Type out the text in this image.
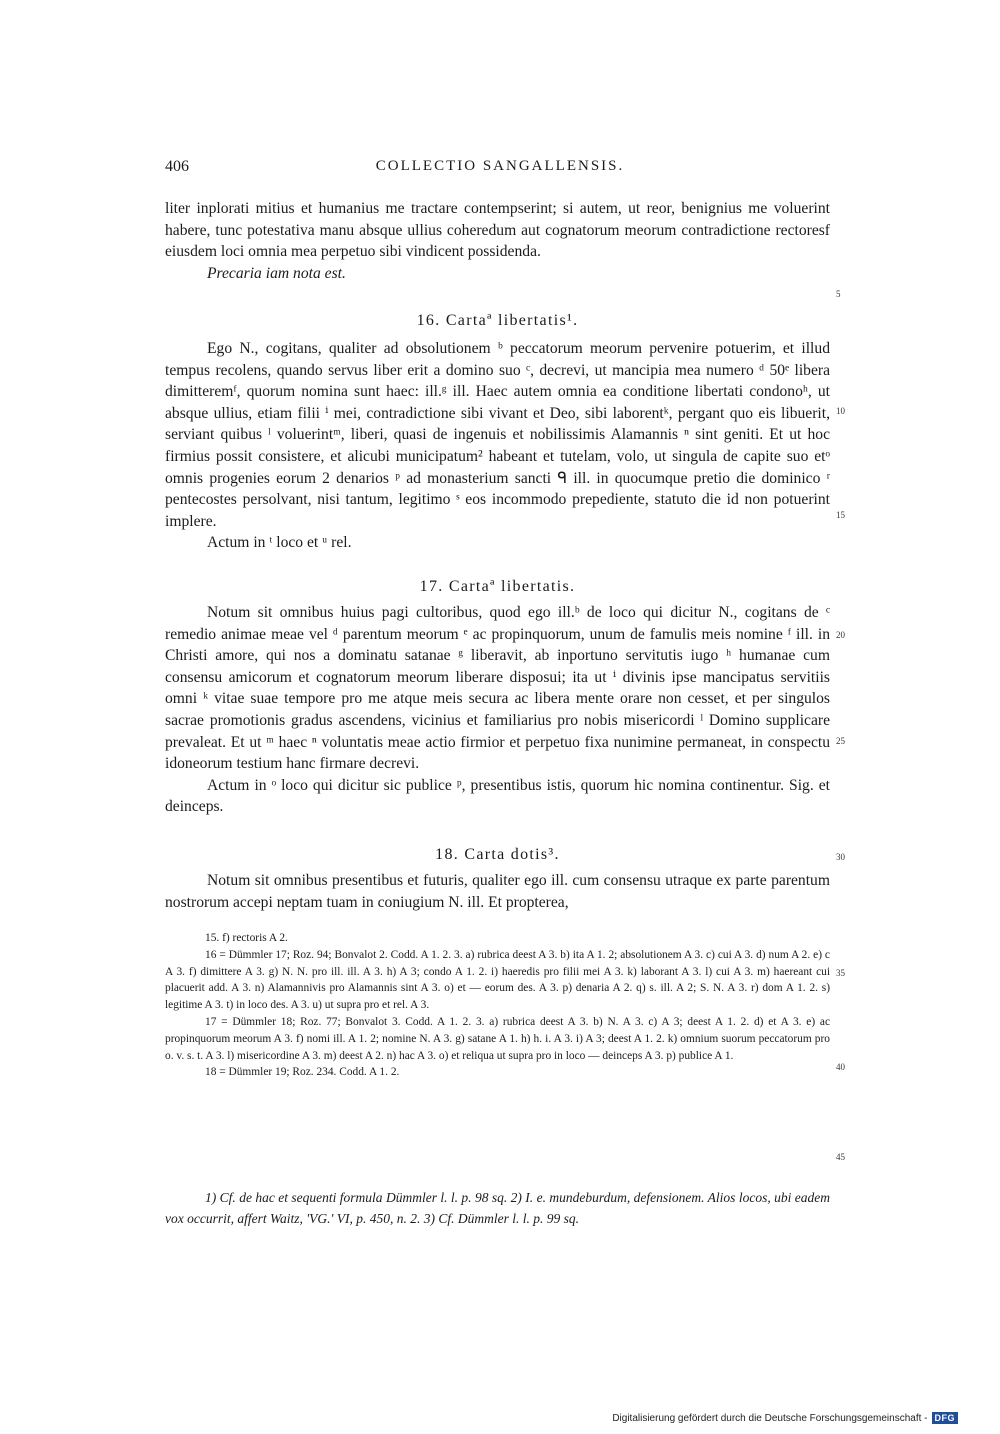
406	COLLECTIO SANGALLENSIS.

liter inplorati mitius et humanius me tractare contempserint; si autem, ut reor, benignius me voluerint habere, tunc potestativa manu absque ullius coheredum aut cognatorum meorum contradictione rectoresf eiusdem loci omnia mea perpetuo sibi vindicent possidenda.

Precaria iam nota est.

16. Cartaª libertatis¹.

Ego N., cogitans, qualiter ad obsolutionem ᵇ peccatorum meorum pervenire potuerim, et illud tempus recolens, quando servus liber erit a domino suo ᶜ, decrevi, ut mancipia mea numero ᵈ 50ᵉ libera dimitteremᶠ, quorum nomina sunt haec: ill.ᵍ ill. Haec autem omnia ea conditione libertati condonoʰ, ut absque ullius, etiam filii ⁱ mei, contradictione sibi vivant et Deo, sibi laborentᵏ, pergant quo eis libuerit, serviant quibus ˡ voluerintᵐ, liberi, quasi de ingenuis et nobilissimis Alamannis ⁿ sint geniti. Et ut hoc firmius possit consistere, et alicubi municipatum² habeant et tutelam, volo, ut singula de capite suo etᵒ omnis progenies eorum 2 denarios ᵖ ad monasterium sancti ᑫ ill. in quocumque pretio die dominico ʳ pentecostes persolvant, nisi tantum, legitimo ˢ eos incommodo prepediente, statuto die id non potuerint implere.

Actum in ᵗ loco et ᵘ rel.

17. Cartaª libertatis.

Notum sit omnibus huius pagi cultoribus, quod ego ill.ᵇ de loco qui dicitur N., cogitans de ᶜ remedio animae meae vel ᵈ parentum meorum ᵉ ac propinquorum, unum de famulis meis nomine ᶠ ill. in Christi amore, qui nos a dominatu satanae ᵍ liberavit, ab inportuno servitutis iugo ʰ humanae cum consensu amicorum et cognatorum meorum liberare disposui; ita ut ⁱ divinis ipse mancipatus servitiis omni ᵏ vitae suae tempore pro me atque meis secura ac libera mente orare non cesset, et per singulos sacrae promotionis gradus ascendens, vicinius et familiarius pro nobis misericordi ˡ Domino supplicare prevaleat. Et ut ᵐ haec ⁿ voluntatis meae actio firmior et perpetuo fixa nunimine permaneat, in conspectu idoneorum testium hanc firmare decrevi.

Actum in ᵒ loco qui dicitur sic publice ᵖ, presentibus istis, quorum hic nomina continentur. Sig. et deinceps.

18. Carta dotis³.

Notum sit omnibus presentibus et futuris, qualiter ego ill. cum consensu utraque ex parte parentum nostrorum accepi neptam tuam in coniugium N. ill. Et propterea,

5
10
15
20
25
30
35
40
45

15. f) rectoris A 2.

16 = Dümmler 17; Roz. 94; Bonvalot 2. Codd. A 1. 2. 3. a) rubrica deest A 3. b) ita A 1. 2; absolutionem A 3. c) cui A 3. d) num A 2. e) c A 3. f) dimittere A 3. g) N. N. pro ill. ill. A 3. h) A 3; condo A 1. 2. i) haeredis pro filii mei A 3. k) laborant A 3. l) cui A 3. m) haereant cui placuerit add. A 3. n) Alamannivis pro Alamannis sint A 3. o) et — eorum des. A 3. p) denaria A 2. q) s. ill. A 2; S. N. A 3. r) dom A 1. 2. s) legitime A 3. t) in loco des. A 3. u) ut supra pro et rel. A 3.

17 = Dümmler 18; Roz. 77; Bonvalot 3. Codd. A 1. 2. 3. a) rubrica deest A 3. b) N. A 3. c) A 3; deest A 1. 2. d) et A 3. e) ac propinquorum meorum A 3. f) nomi ill. A 1. 2; nomine N. A 3. g) satane A 1. h) h. i. A 3. i) A 3; deest A 1. 2. k) omnium suorum peccatorum pro o. v. s. t. A 3. l) misericordine A 3. m) deest A 2. n) hac A 3. o) et reliqua ut supra pro in loco — deinceps A 3. p) publice A 1.

18 = Dümmler 19; Roz. 234. Codd. A 1. 2.

1) Cf. de hac et sequenti formula Dümmler l. l. p. 98 sq. 2) I. e. mundeburdum, defensionem. Alios locos, ubi eadem vox occurrit, affert Waitz, 'VG.' VI, p. 450, n. 2. 3) Cf. Dümmler l. l. p. 99 sq.

Digitalisierung gefördert durch die Deutsche Forschungsgemeinschaft - DFG
